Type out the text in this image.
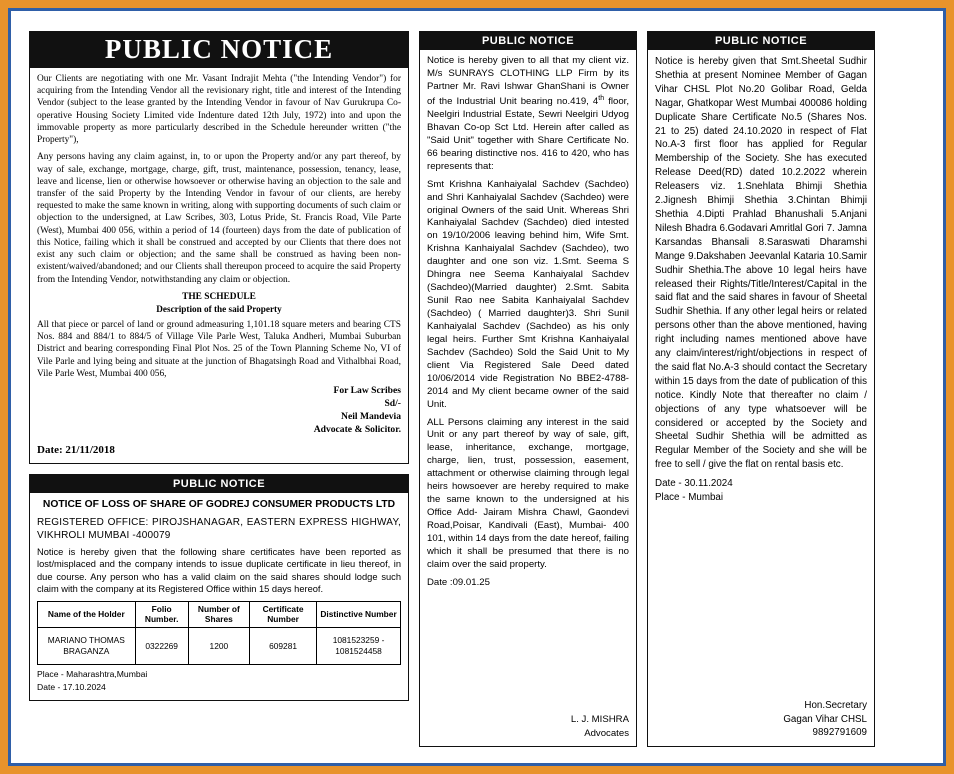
PUBLIC NOTICE

Our Clients are negotiating with one Mr. Vasant Indrajit Mehta ("the Intending Vendor") for acquiring from the Intending Vendor all the revisionary right, title and interest of the Intending Vendor (subject to the lease granted by the Intending Vendor in favour of Nav Gurukrupa Co-operative Housing Society Limited vide Indenture dated 12th July, 1972) into and upon the immovable property as more particularly described in the Schedule hereunder written ("the Property"),

Any persons having any claim against, in, to or upon the Property and/or any part thereof, by way of sale, exchange, mortgage, charge, gift, trust, maintenance, possession, tenancy, lease, leave and license, lien or otherwise howsoever or otherwise having an objection to the sale and transfer of the said Property by the Intending Vendor in favour of our clients, are hereby requested to make the same known in writing, along with supporting documents of such claim or objection to the undersigned, at Law Scribes, 303, Lotus Pride, St. Francis Road, Vile Parte (West), Mumbai 400 056, within a period of 14 (fourteen) days from the date of publication of this Notice, failing which it shall be construed and accepted by our Clients that there does not exist any such claim or objection; and the same shall be construed as having been non-existent/waived/abandoned; and our Clients shall thereupon proceed to acquire the said Property from the Intending Vendor, notwithstanding any claim or objection.

THE SCHEDULE
Description of the said Property

All that piece or parcel of land or ground admeasuring 1,101.18 square meters and bearing CTS Nos. 884 and 884/1 to 884/5 of Village Vile Parle West, Taluka Andheri, Mumbai Suburban District and bearing corresponding Final Plot Nos. 25 of the Town Planning Scheme No, VI of Vile Parle and lying being and situate at the junction of Bhagatsingh Road and Vithalbhai Road, Vile Parle West, Mumbai 400 056,

For Law Scribes
Sd/-
Neil Mandevia
Advocate & Solicitor.
Date: 21/11/2018
PUBLIC NOTICE
NOTICE OF LOSS OF SHARE OF GODREJ CONSUMER PRODUCTS LTD
REGISTERED OFFICE: PIROJSHANAGAR, EASTERN EXPRESS HIGHWAY, VIKHROLI MUMBAI -400079

Notice is hereby given that the following share certificates have been reported as lost/misplaced and the company intends to issue duplicate certificate in lieu thereof, in due course. Any person who has a valid claim on the said shares should lodge such claim with the company at its Registered Office within 15 days hereof.

Name of the Holder	Folio Number.	Number of Shares	Certificate Number	Distinctive Number
MARIANO THOMAS BRAGANZA	0322269	1200	609281	1081523259 - 1081524458
Place - Maharashtra,Mumbai
Date - 17.10.2024
PUBLIC NOTICE

Notice is hereby given to all that my client viz. M/s SUNRAYS CLOTHING LLP Firm by its Partner Mr. Ravi Ishwar GhanShani is Owner of the Industrial Unit bearing no.419, 4th floor, Neelgiri Industrial Estate, Sewri Neelgiri Udyog Bhavan Co-op Sct Ltd. Herein after called as "Said Unit" together with Share Certificate No. 66 bearing distinctive nos. 416 to 420, who has represents that:

Smt Krishna Kanhaiyalal Sachdev (Sachdeo) and Shri Kanhaiyalal Sachdev (Sachdeo) were original Owners of the said Unit. Whereas Shri Kanhaiyalal Sachdev (Sachdeo) died intested on 19/10/2006 leaving behind him, Wife Smt. Krishna Kanhaiyalal Sachdev (Sachdeo), two daughter and one son viz. 1.Smt. Seema S Dhingra nee Seema Kanhaiyalal Sachdev (Sachdeo)(Married daughter) 2.Smt. Sabita Sunil Rao nee Sabita Kanhaiyalal Sachdev (Sachdeo) ( Married daughter)3. Shri Sunil Kanhaiyalal Sachdev (Sachdeo) as his only legal heirs. Further Smt Krishna Kanhaiyalal Sachdev (Sachdeo) Sold the Said Unit to My client Via Registered Sale Deed dated 10/06/2014 vide Registration No BBE2-4788-2014 and My client became owner of the said Unit.

ALL Persons claiming any interest in the said Unit or any part thereof by way of sale, gift, lease, inheritance, exchange, mortgage, charge, lien, trust, possession, easement, attachment or otherwise claiming through legal heirs howsoever are hereby required to make the same known to the undersigned at his Office Add- Jairam Mishra Chawl, Gaondevi Road,Poisar, Kandivali (East), Mumbai- 400 101, within 14 days from the date hereof, failing which it shall be presumed that there is no claim over the said property.

Date :09.01.25
L. J. MISHRA
Advocates
PUBLIC NOTICE

Notice is hereby given that Smt.Sheetal Sudhir Shethia at present Nominee Member of Gagan Vihar CHSL Plot No.20 Golibar Road, Gelda Nagar, Ghatkopar West Mumbai 400086 holding Duplicate Share Certificate No.5 (Shares Nos. 21 to 25) dated 24.10.2020 in respect of Flat No.A-3 first floor has applied for Regular Membership of the Society. She has executed Release Deed(RD) dated 10.2.2022 wherein Releasers viz. 1.Snehlata Bhimji Shethia 2.Jignesh Bhimji Shethia 3.Chintan Bhimji Shethia 4.Dipti Prahlad Bhanushali 5.Anjani Nilesh Bhadra 6.Godavari Amritlal Gori 7. Jamna Karsandas Bhansali 8.Saraswati Dharamshi Mange 9.Dakshaben Jeevanlal Kataria 10.Samir Sudhir Shethia.The above 10 legal heirs have released their Rights/Title/Interest/Capital in the said flat and the said shares in favour of Sheetal Sudhir Shethia. If any other legal heirs or related persons other than the above mentioned, having right including names mentioned above have any claim/interest/right/objections in respect of the said flat No.A-3 should contact the Secretary within 15 days from the date of publication of this notice. Kindly Note that thereafter no claim / objections of any type whatsoever will be considered or accepted by the Society and Sheetal Sudhir Shethia will be admitted as Regular Member of the Society and she will be free to sell / give the flat on rental basis etc.

Date - 30.11.2024
Place - Mumbai
Hon.Secretary
Gagan Vihar CHSL
9892791609
